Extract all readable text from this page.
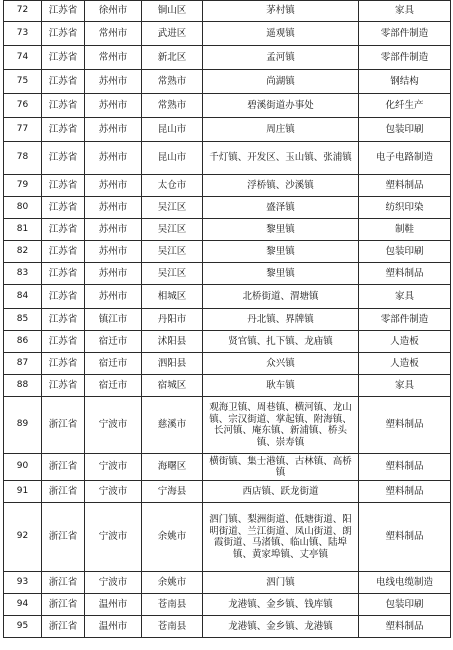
72	江苏省	徐州市	铜山区	茅村镇	家具
73	江苏省	常州市	武进区	遥观镇	零部件制造
74	江苏省	常州市	新北区	孟河镇	零部件制造
75	江苏省	苏州市	常熟市	尚湖镇	钢结构
76	江苏省	苏州市	常熟市	碧溪街道办事处	化纤生产
77	江苏省	苏州市	昆山市	周庄镇	包装印刷
78	江苏省	苏州市	昆山市	千灯镇、开发区、玉山镇、张浦镇	电子电路制造
79	江苏省	苏州市	太仓市	浮桥镇、沙溪镇	塑料制品
80	江苏省	苏州市	吴江区	盛泽镇	纺织印染
81	江苏省	苏州市	吴江区	黎里镇	制鞋
82	江苏省	苏州市	吴江区	黎里镇	包装印刷
83	江苏省	苏州市	吴江区	黎里镇	塑料制品
84	江苏省	苏州市	相城区	北桥街道、渭塘镇	家具
85	江苏省	镇江市	丹阳市	丹北镇、界牌镇	零部件制造
86	江苏省	宿迁市	沭阳县	贤官镇、扎下镇、龙庙镇	人造板
87	江苏省	宿迁市	泗阳县	众兴镇	人造板
88	江苏省	宿迁市	宿城区	耿车镇	家具
89	浙江省	宁波市	慈溪市	观海卫镇、周巷镇、横河镇、龙山镇、宗汉街道、掌起镇、附海镇、长河镇、庵东镇、新浦镇、桥头镇、崇寿镇	塑料制品
90	浙江省	宁波市	海曙区	横街镇、集士港镇、古林镇、高桥镇	塑料制品
91	浙江省	宁波市	宁海县	西店镇、跃龙街道	塑料制品
92	浙江省	宁波市	余姚市	泗门镇、梨洲街道、低塘街道、阳明街道、兰江街道、凤山街道、朗霞街道、马渚镇、临山镇、陆埠镇、黄家埠镇、丈亭镇	塑料制品
93	浙江省	宁波市	余姚市	泗门镇	电线电缆制造
94	浙江省	温州市	苍南县	龙港镇、金乡镇、钱库镇	包装印刷
95	浙江省	温州市	苍南县	龙港镇、金乡镇、龙港镇	塑料制品
